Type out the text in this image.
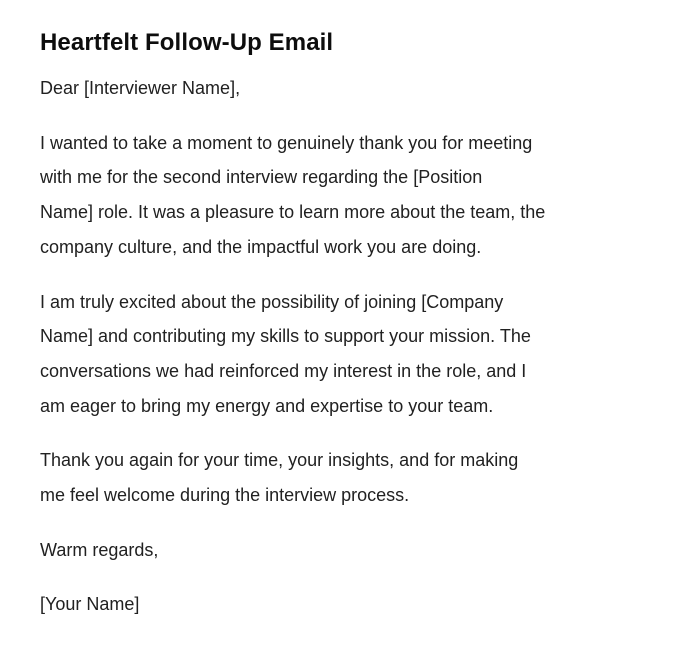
Heartfelt Follow-Up Email
Dear [Interviewer Name],
I wanted to take a moment to genuinely thank you for meeting
with me for the second interview regarding the [Position
Name] role. It was a pleasure to learn more about the team, the
company culture, and the impactful work you are doing.
I am truly excited about the possibility of joining [Company
Name] and contributing my skills to support your mission. The
conversations we had reinforced my interest in the role, and I
am eager to bring my energy and expertise to your team.
Thank you again for your time, your insights, and for making
me feel welcome during the interview process.
Warm regards,
[Your Name]
